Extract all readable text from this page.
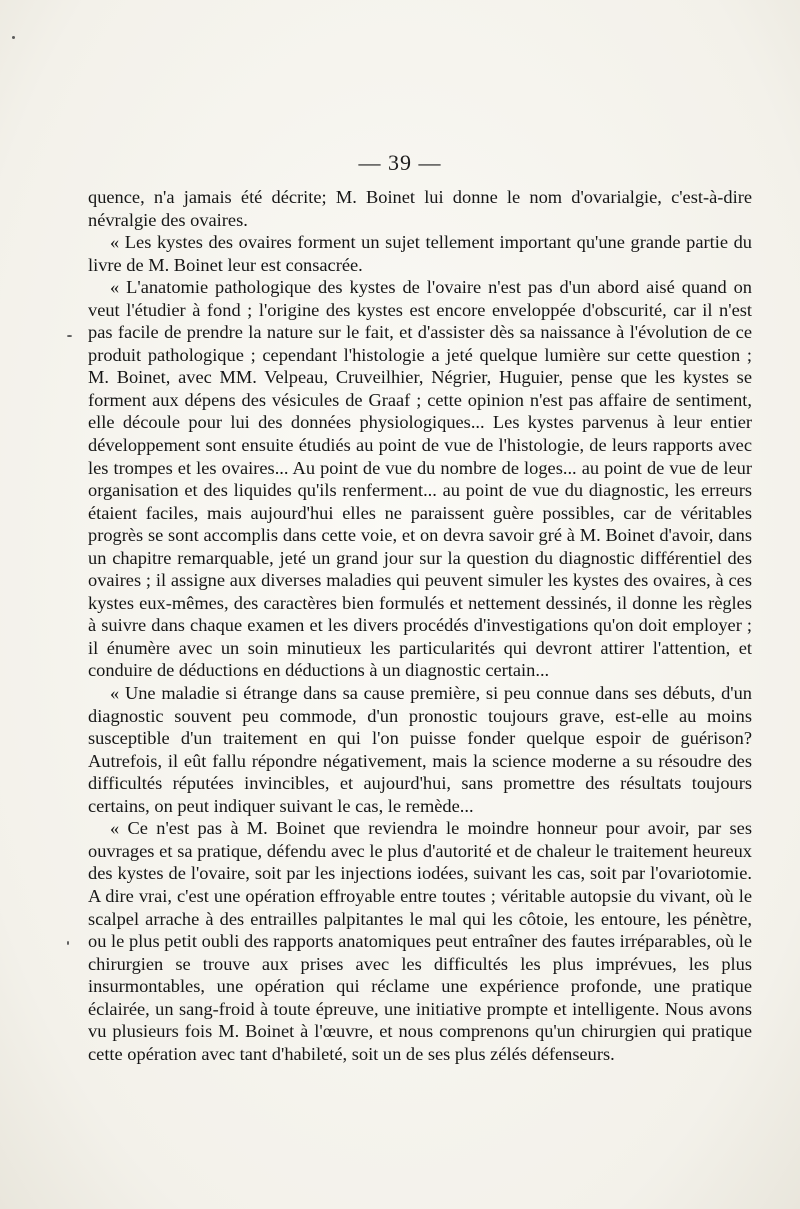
— 39 —

quence, n'a jamais été décrite; M. Boinet lui donne le nom d'ovarialgie, c'est-à-dire névralgie des ovaires.

« Les kystes des ovaires forment un sujet tellement important qu'une grande partie du livre de M. Boinet leur est consacrée.

« L'anatomie pathologique des kystes de l'ovaire n'est pas d'un abord aisé quand on veut l'étudier à fond ; l'origine des kystes est encore enveloppée d'obscurité, car il n'est pas facile de prendre la nature sur le fait, et d'assister dès sa naissance à l'évolution de ce produit pathologique ; cependant l'histologie a jeté quelque lumière sur cette question ; M. Boinet, avec MM. Velpeau, Cruveilhier, Négrier, Huguier, pense que les kystes se forment aux dépens des vésicules de Graaf ; cette opinion n'est pas affaire de sentiment, elle découle pour lui des données physiologiques... Les kystes parvenus à leur entier développement sont ensuite étudiés au point de vue de l'histologie, de leurs rapports avec les trompes et les ovaires... Au point de vue du nombre de loges... au point de vue de leur organisation et des liquides qu'ils renferment... au point de vue du diagnostic, les erreurs étaient faciles, mais aujourd'hui elles ne paraissent guère possibles, car de véritables progrès se sont accomplis dans cette voie, et on devra savoir gré à M. Boinet d'avoir, dans un chapitre remarquable, jeté un grand jour sur la question du diagnostic différentiel des ovaires ; il assigne aux diverses maladies qui peuvent simuler les kystes des ovaires, à ces kystes eux-mêmes, des caractères bien formulés et nettement dessinés, il donne les règles à suivre dans chaque examen et les divers procédés d'investigations qu'on doit employer ; il énumère avec un soin minutieux les particularités qui devront attirer l'attention, et conduire de déductions en déductions à un diagnostic certain...

« Une maladie si étrange dans sa cause première, si peu connue dans ses débuts, d'un diagnostic souvent peu commode, d'un pronostic toujours grave, est-elle au moins susceptible d'un traitement en qui l'on puisse fonder quelque espoir de guérison? Autrefois, il eût fallu répondre négativement, mais la science moderne a su résoudre des difficultés réputées invincibles, et aujourd'hui, sans promettre des résultats toujours certains, on peut indiquer suivant le cas, le remède...

« Ce n'est pas à M. Boinet que reviendra le moindre honneur pour avoir, par ses ouvrages et sa pratique, défendu avec le plus d'autorité et de chaleur le traitement heureux des kystes de l'ovaire, soit par les injections iodées, suivant les cas, soit par l'ovariotomie. A dire vrai, c'est une opération effroyable entre toutes ; véritable autopsie du vivant, où le scalpel arrache à des entrailles palpitantes le mal qui les côtoie, les entoure, les pénètre, ou le plus petit oubli des rapports anatomiques peut entraîner des fautes irréparables, où le chirurgien se trouve aux prises avec les difficultés les plus imprévues, les plus insurmontables, une opération qui réclame une expérience profonde, une pratique éclairée, un sang-froid à toute épreuve, une initiative prompte et intelligente. Nous avons vu plusieurs fois M. Boinet à l'œuvre, et nous comprenons qu'un chirurgien qui pratique cette opération avec tant d'habileté, soit un de ses plus zélés défenseurs.
